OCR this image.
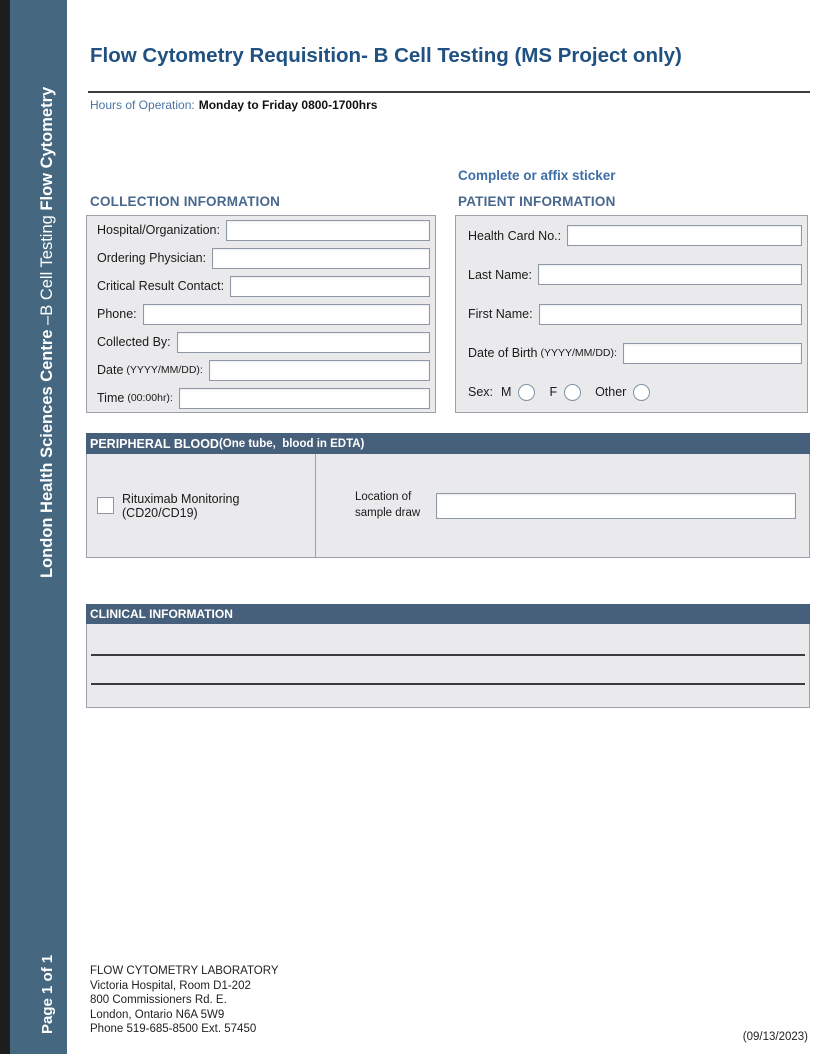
London Health Sciences Centre –B Cell Testing Flow Cytometry
Page 1 of 1
Flow Cytometry Requisition- B Cell Testing (MS Project only)
Hours of Operation: Monday to Friday 0800-1700hrs
Complete or affix sticker
COLLECTION INFORMATION	PATIENT INFORMATION
Hospital/Organization:
Ordering Physician:
Critical Result Contact:
Phone:
Collected By:
Date (YYYY/MM/DD):
Time (00:00hr):
Health Card No.:
Last Name:
First Name:
Date of Birth (YYYY/MM/DD):
Sex: M	F	Other
PERIPHERAL BLOOD (One tube,  blood in EDTA)
Rituximab Monitoring (CD20/CD19)
Location of
sample draw
CLINICAL INFORMATION
FLOW CYTOMETRY LABORATORY
Victoria Hospital, Room D1-202
800 Commissioners Rd. E.
London, Ontario N6A 5W9
Phone 519-685-8500 Ext. 57450
(09/13/2023)
